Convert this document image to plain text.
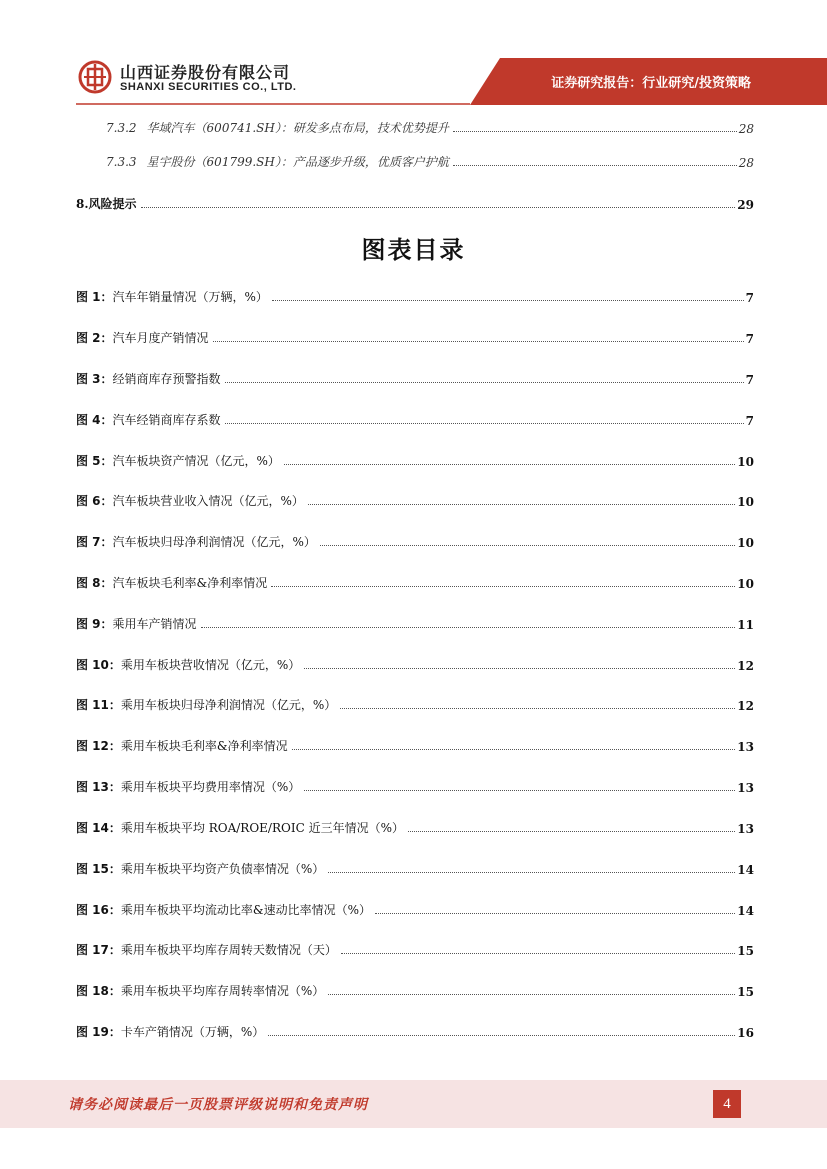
山西证券股份有限公司
SHANXI SECURITIES CO., LTD.	证券研究报告：行业研究/投资策略
7.3.2 华域汽车（600741.SH）：研发多点布局，技术优势提升	28
7.3.3 星宇股份（601799.SH）：产品逐步升级，优质客户护航	28
8.风险提示	29
图表目录
图 1：汽车年销量情况（万辆，%）	7
图 2：汽车月度产销情况	7
图 3：经销商库存预警指数	7
图 4：汽车经销商库存系数	7
图 5：汽车板块资产情况（亿元，%）	10
图 6：汽车板块营业收入情况（亿元，%）	10
图 7：汽车板块归母净利润情况（亿元，%）	10
图 8：汽车板块毛利率&净利率情况	10
图 9：乘用车产销情况	11
图 10：乘用车板块营收情况（亿元，%）	12
图 11：乘用车板块归母净利润情况（亿元，%）	12
图 12：乘用车板块毛利率&净利率情况	13
图 13：乘用车板块平均费用率情况（%）	13
图 14：乘用车板块平均 ROA/ROE/ROIC 近三年情况（%）	13
图 15：乘用车板块平均资产负债率情况（%）	14
图 16：乘用车板块平均流动比率&速动比率情况（%）	14
图 17：乘用车板块平均库存周转天数情况（天）	15
图 18：乘用车板块平均库存周转率情况（%）	15
图 19：卡车产销情况（万辆，%）	16
请务必阅读最后一页股票评级说明和免责声明	4
